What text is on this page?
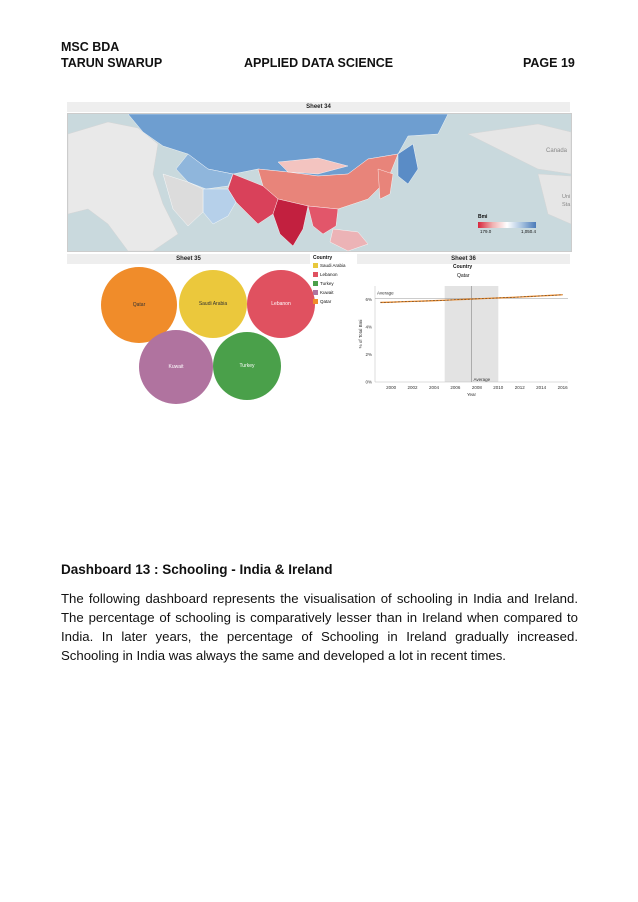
MSC BDA
TARUN SWARUP	APPLIED DATA SCIENCE	PAGE 19
Sheet 34
Canada
Uni
Sta
Bmi
179.0	1,050.4
Sheet 35
Qatar	Saudi Arabia	Lebanon
Kuwait	Turkey
Country
Saudi Arabia
Lebanon
Turkey
Kuwait
Qatar
Sheet 36
Country
Qatar
Average
Average
0%
2%
4%
6%
2000	2002	2004	2006	2008	2010	2012	2014	2016
Year
% of Total Bmi
Dashboard 13 : Schooling - India & Ireland
The following dashboard represents the visualisation of schooling in India and Ireland. The percentage of schooling is comparatively lesser than in Ireland when compared to India. In later years, the percentage of Schooling in Ireland gradually increased. Schooling in India was always the same and developed a lot in recent times.
